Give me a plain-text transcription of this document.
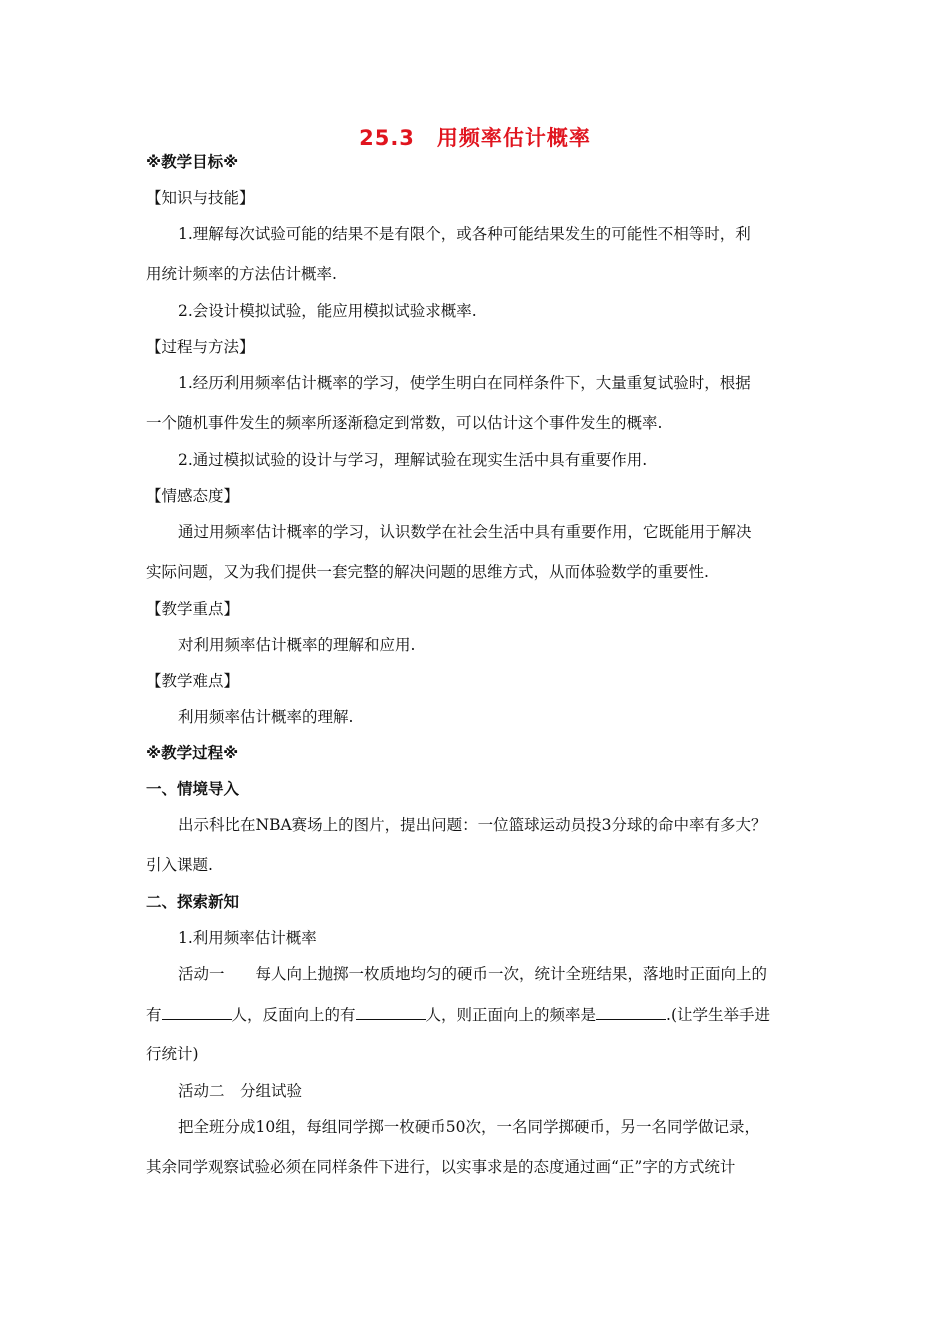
25.3　用频率估计概率
※教学目标※
【知识与技能】
1.理解每次试验可能的结果不是有限个，或各种可能结果发生的可能性不相等时，利
用统计频率的方法估计概率.
2.会设计模拟试验，能应用模拟试验求概率.
【过程与方法】
1.经历利用频率估计概率的学习，使学生明白在同样条件下，大量重复试验时，根据
一个随机事件发生的频率所逐渐稳定到常数，可以估计这个事件发生的概率.
2.通过模拟试验的设计与学习，理解试验在现实生活中具有重要作用.
【情感态度】
通过用频率估计概率的学习，认识数学在社会生活中具有重要作用，它既能用于解决
实际问题，又为我们提供一套完整的解决问题的思维方式，从而体验数学的重要性.
【教学重点】
对利用频率估计概率的理解和应用.
【教学难点】
利用频率估计概率的理解.
※教学过程※
一、情境导入
出示科比在NBA赛场上的图片，提出问题：一位篮球运动员投3分球的命中率有多大？
引入课题.
二、探索新知
1.利用频率估计概率
活动一　　每人向上抛掷一枚质地均匀的硬币一次，统计全班结果，落地时正面向上的
有	人，反面向上的有	人，则正面向上的频率是	.(让学生举手进
行统计)
活动二　分组试验
把全班分成10组，每组同学掷一枚硬币50次，一名同学掷硬币，另一名同学做记录，
其余同学观察试验必须在同样条件下进行，以实事求是的态度通过画“正”字的方式统计
